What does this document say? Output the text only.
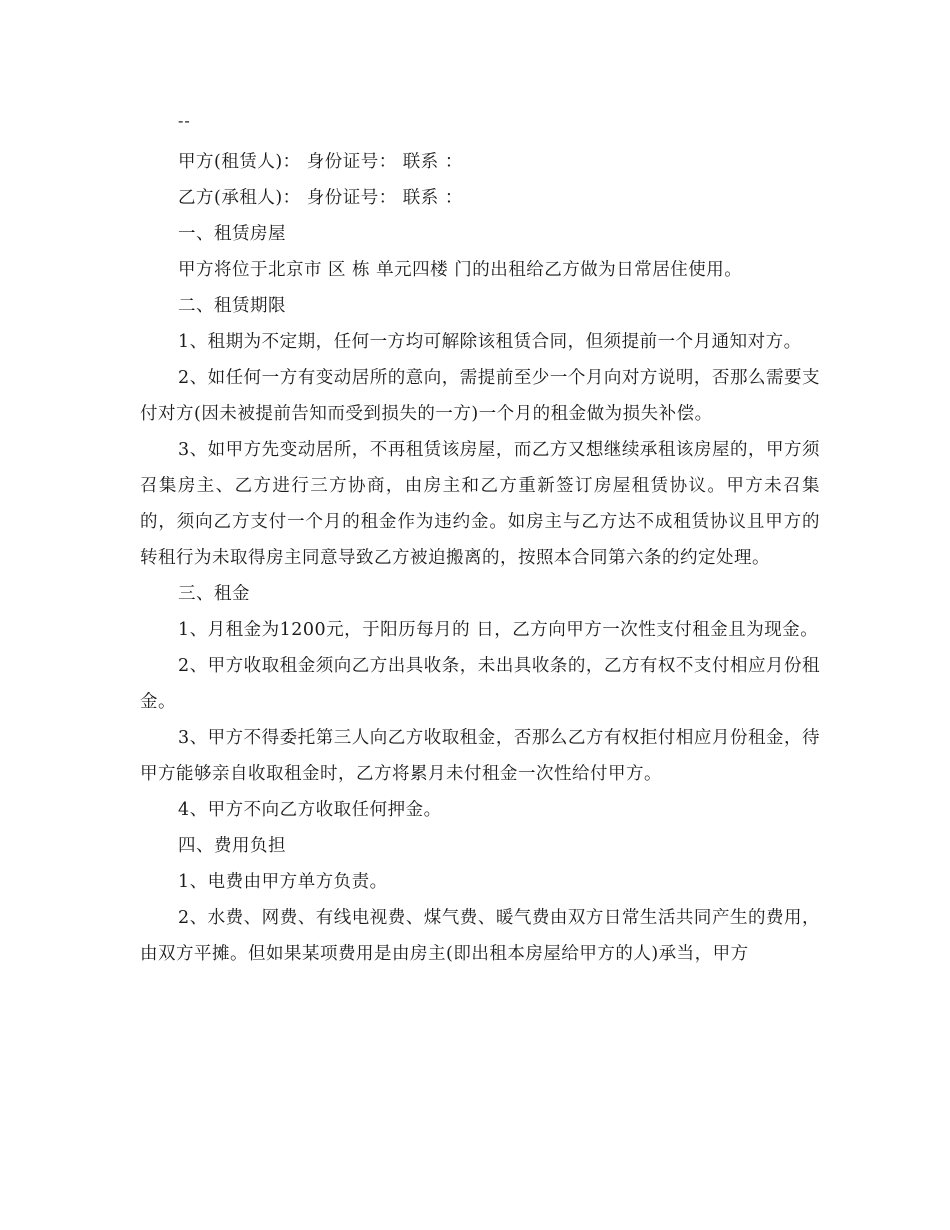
--

甲方(租赁人)： 身份证号： 联系 ：

乙方(承租人)： 身份证号： 联系 ：

一、租赁房屋

甲方将位于北京市 区 栋 单元四楼 门的出租给乙方做为日常居住使用。

二、租赁期限

1、租期为不定期，任何一方均可解除该租赁合同，但须提前一个月通知对方。

2、如任何一方有变动居所的意向，需提前至少一个月向对方说明，否那么需要支付对方(因未被提前告知而受到损失的一方)一个月的租金做为损失补偿。

3、如甲方先变动居所，不再租赁该房屋，而乙方又想继续承租该房屋的，甲方须召集房主、乙方进行三方协商，由房主和乙方重新签订房屋租赁协议。甲方未召集的，须向乙方支付一个月的租金作为违约金。如房主与乙方达不成租赁协议且甲方的转租行为未取得房主同意导致乙方被迫搬离的，按照本合同第六条的约定处理。

三、租金

1、月租金为1200元，于阳历每月的 日，乙方向甲方一次性支付租金且为现金。

2、甲方收取租金须向乙方出具收条，未出具收条的，乙方有权不支付相应月份租金。

3、甲方不得委托第三人向乙方收取租金，否那么乙方有权拒付相应月份租金，待甲方能够亲自收取租金时，乙方将累月未付租金一次性给付甲方。

4、甲方不向乙方收取任何押金。

四、费用负担

1、电费由甲方单方负责。

2、水费、网费、有线电视费、煤气费、暖气费由双方日常生活共同产生的费用，由双方平摊。但如果某项费用是由房主(即出租本房屋给甲方的人)承当，甲方
